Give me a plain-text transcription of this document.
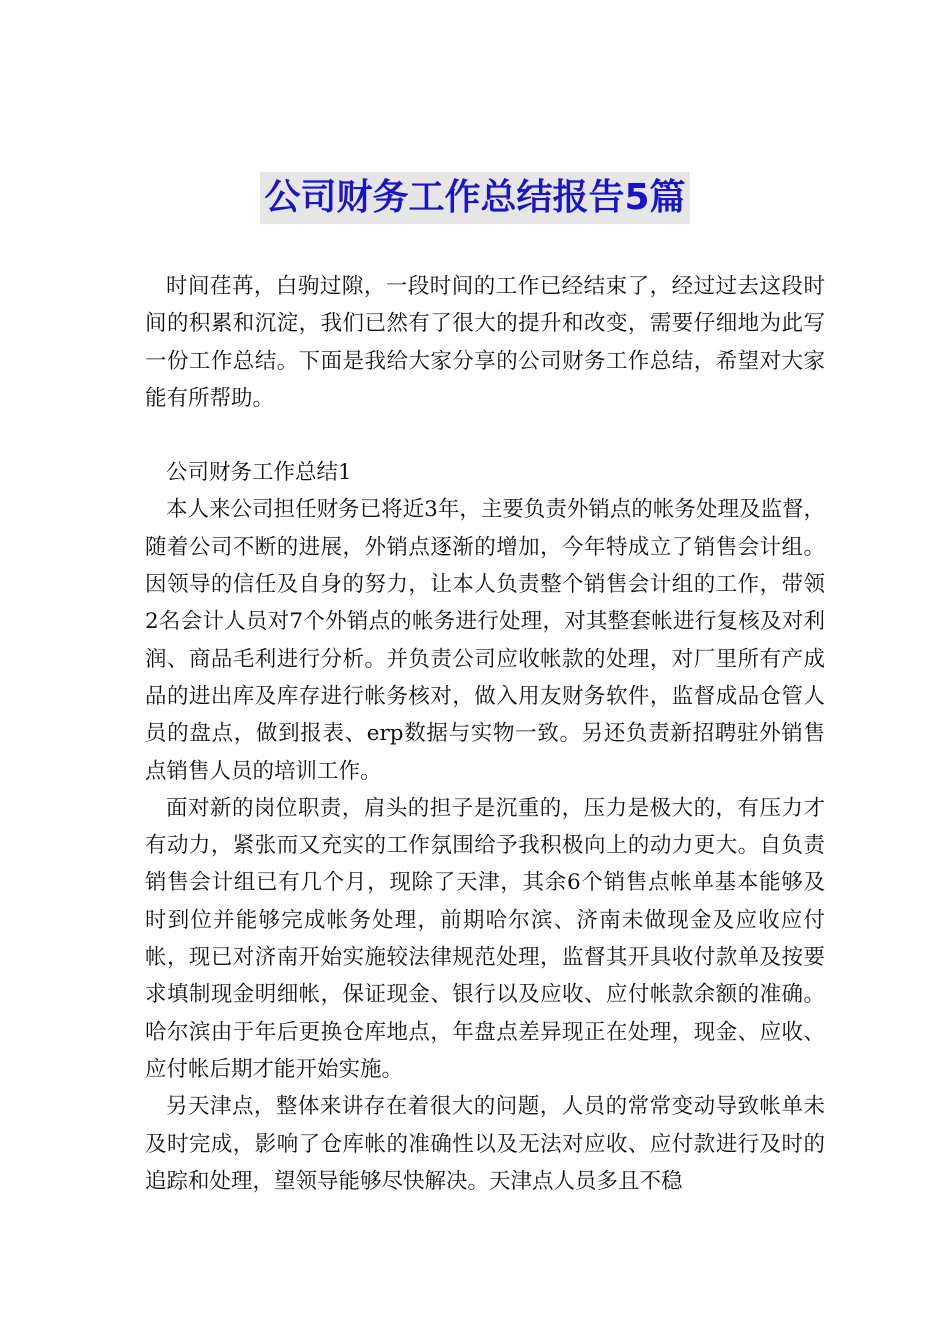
公司财务工作总结报告5篇

时间荏苒，白驹过隙，一段时间的工作已经结束了，经过过去这段时间的积累和沉淀，我们已然有了很大的提升和改变，需要仔细地为此写一份工作总结。下面是我给大家分享的公司财务工作总结，希望对大家能有所帮助。

公司财务工作总结1

本人来公司担任财务已将近3年，主要负责外销点的帐务处理及监督，随着公司不断的进展，外销点逐渐的增加，今年特成立了销售会计组。因领导的信任及自身的努力，让本人负责整个销售会计组的工作，带领2名会计人员对7个外销点的帐务进行处理，对其整套帐进行复核及对利润、商品毛利进行分析。并负责公司应收帐款的处理，对厂里所有产成品的进出库及库存进行帐务核对，做入用友财务软件，监督成品仓管人员的盘点，做到报表、erp数据与实物一致。另还负责新招聘驻外销售点销售人员的培训工作。

面对新的岗位职责，肩头的担子是沉重的，压力是极大的，有压力才有动力，紧张而又充实的工作氛围给予我积极向上的动力更大。自负责销售会计组已有几个月，现除了天津，其余6个销售点帐单基本能够及时到位并能够完成帐务处理，前期哈尔滨、济南未做现金及应收应付帐，现已对济南开始实施较法律规范处理，监督其开具收付款单及按要求填制现金明细帐，保证现金、银行以及应收、应付帐款余额的准确。哈尔滨由于年后更换仓库地点，年盘点差异现正在处理，现金、应收、应付帐后期才能开始实施。

另天津点，整体来讲存在着很大的问题，人员的常常变动导致帐单未及时完成，影响了仓库帐的准确性以及无法对应收、应付款进行及时的追踪和处理，望领导能够尽快解决。天津点人员多且不稳
